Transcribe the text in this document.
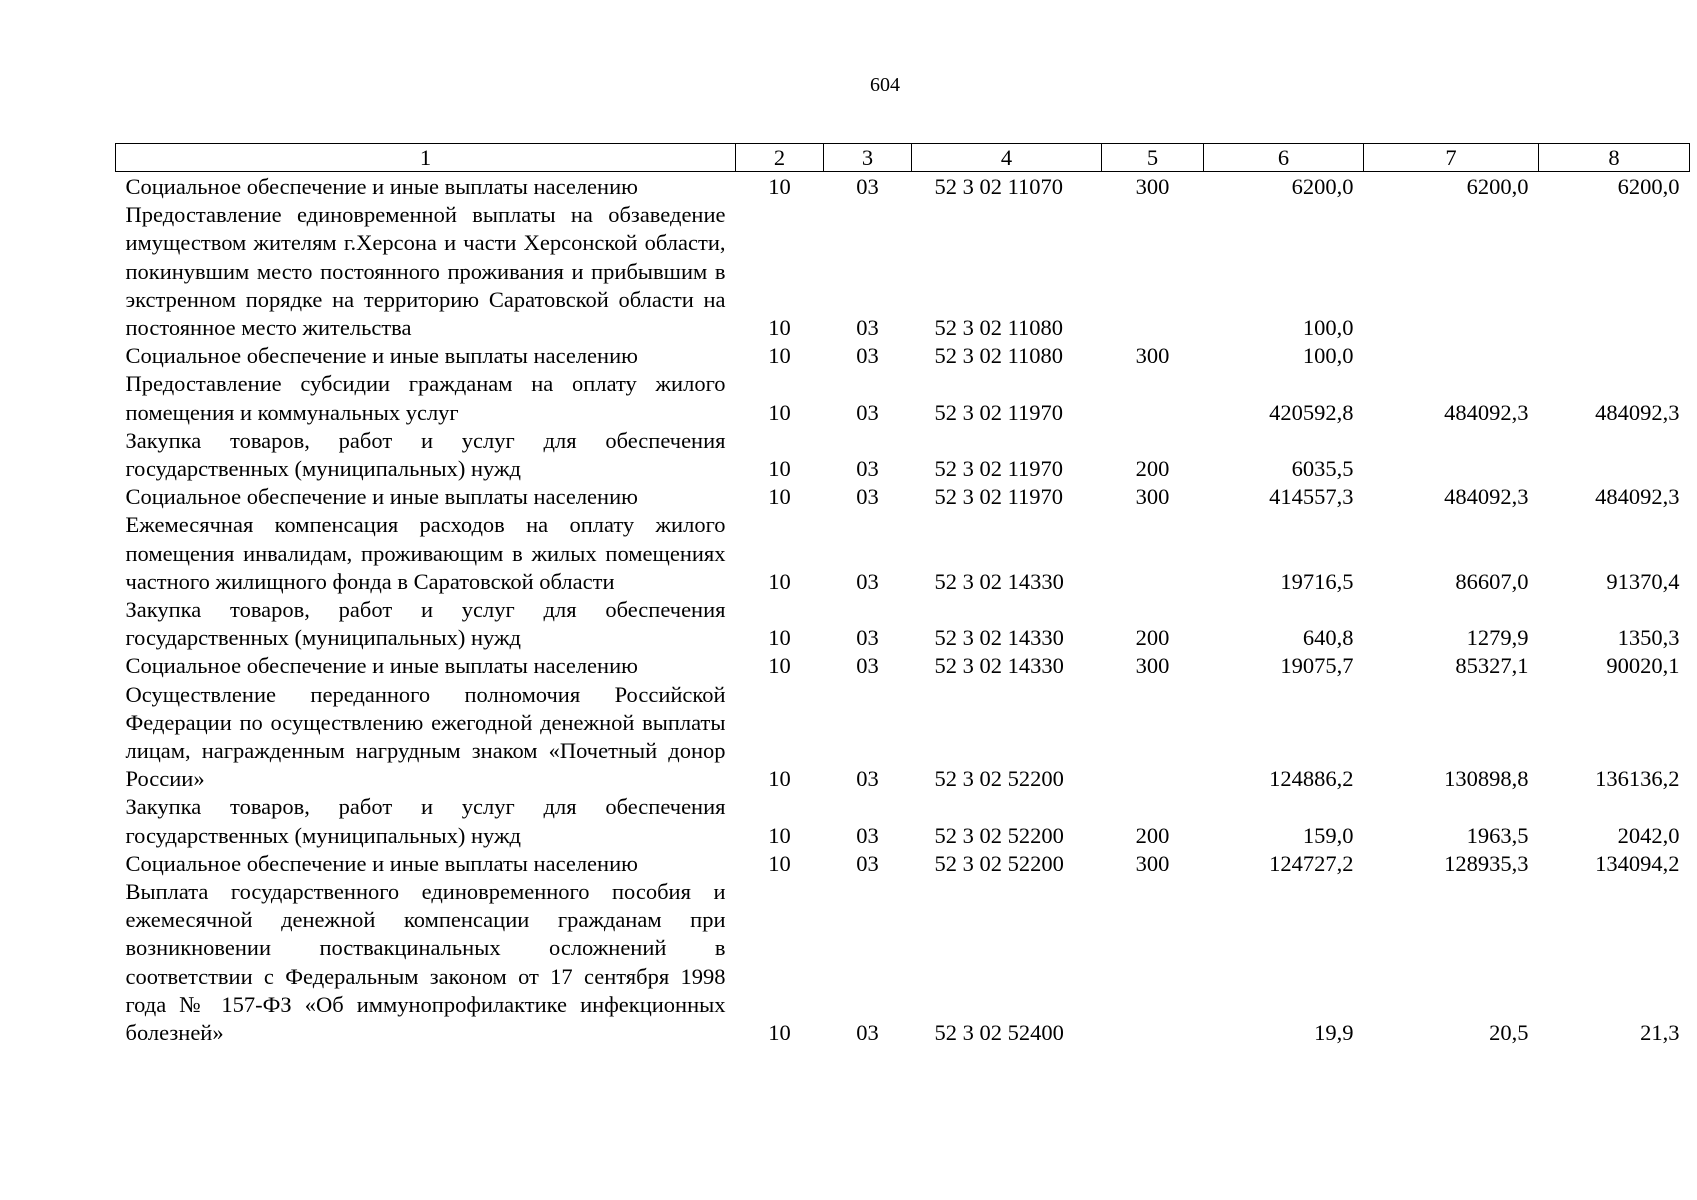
604
1	2	3	4	5	6	7	8
Социальное обеспечение и иные выплаты населению	10	03	52 3 02 11070	300	6200,0	6200,0	6200,0
Предоставление единовременной выплаты на обзаведение имуществом жителям г.Херсона и части Херсонской области, покинувшим место постоянного проживания и прибывшим в экстренном порядке на территорию Саратовской области на постоянное место жительства	10	03	52 3 02 11080		100,0		
Социальное обеспечение и иные выплаты населению	10	03	52 3 02 11080	300	100,0		
Предоставление субсидии гражданам на оплату жилого помещения и коммунальных услуг	10	03	52 3 02 11970		420592,8	484092,3	484092,3
Закупка товаров, работ и услуг для обеспечения государственных (муниципальных) нужд	10	03	52 3 02 11970	200	6035,5		
Социальное обеспечение и иные выплаты населению	10	03	52 3 02 11970	300	414557,3	484092,3	484092,3
Ежемесячная компенсация расходов на оплату жилого помещения инвалидам, проживающим в жилых помещениях частного жилищного фонда в Саратовской области	10	03	52 3 02 14330		19716,5	86607,0	91370,4
Закупка товаров, работ и услуг для обеспечения государственных (муниципальных) нужд	10	03	52 3 02 14330	200	640,8	1279,9	1350,3
Социальное обеспечение и иные выплаты населению	10	03	52 3 02 14330	300	19075,7	85327,1	90020,1
Осуществление переданного полномочия Российской Федерации по осуществлению ежегодной денежной выплаты лицам, награжденным нагрудным знаком «Почетный донор России»	10	03	52 3 02 52200		124886,2	130898,8	136136,2
Закупка товаров, работ и услуг для обеспечения государственных (муниципальных) нужд	10	03	52 3 02 52200	200	159,0	1963,5	2042,0
Социальное обеспечение и иные выплаты населению	10	03	52 3 02 52200	300	124727,2	128935,3	134094,2
Выплата государственного единовременного пособия и ежемесячной денежной компенсации гражданам при возникновении поствакцинальных осложнений в соответствии с Федеральным законом от 17 сентября 1998 года № 157-ФЗ «Об иммунопрофилактике инфекционных болезней»	10	03	52 3 02 52400		19,9	20,5	21,3
